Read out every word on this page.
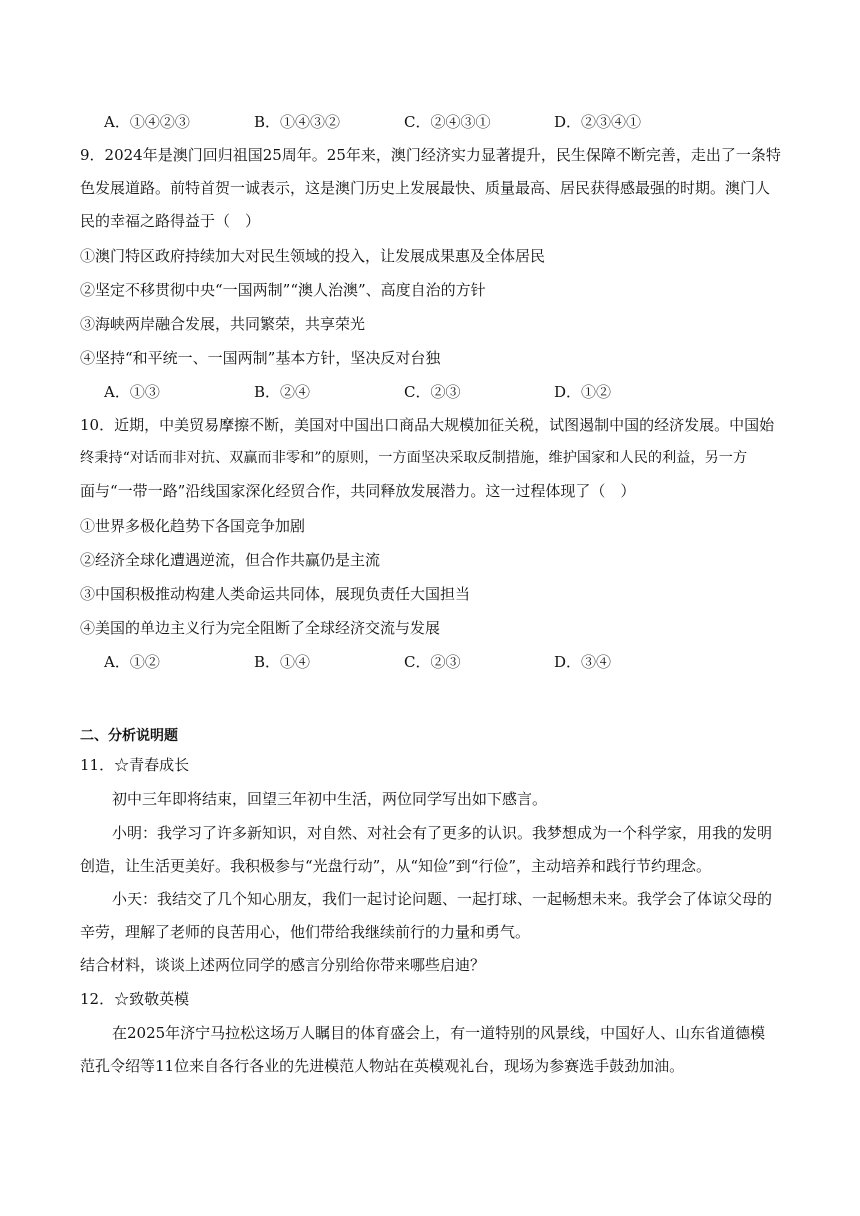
A．①④②③	B．①④③②	C．②④③①	D．②③④①
9．2024年是澳门回归祖国25周年。25年来，澳门经济实力显著提升，民生保障不断完善，走出了一条特
色发展道路。前特首贺一诚表示，这是澳门历史上发展最快、质量最高、居民获得感最强的时期。澳门人
民的幸福之路得益于（　）
①澳门特区政府持续加大对民生领域的投入，让发展成果惠及全体居民
②坚定不移贯彻中央“一国两制”“澳人治澳”、高度自治的方针
③海峡两岸融合发展，共同繁荣，共享荣光
④坚持“和平统一、一国两制”基本方针，坚决反对台独
A．①③	B．②④	C．②③	D．①②
10．近期，中美贸易摩擦不断，美国对中国出口商品大规模加征关税，试图遏制中国的经济发展。中国始
终秉持“对话而非对抗、双赢而非零和”的原则，一方面坚决采取反制措施，维护国家和人民的利益，另一方
面与“一带一路”沿线国家深化经贸合作，共同释放发展潜力。这一过程体现了（　）
①世界多极化趋势下各国竞争加剧
②经济全球化遭遇逆流，但合作共赢仍是主流
③中国积极推动构建人类命运共同体，展现负责任大国担当
④美国的单边主义行为完全阻断了全球经济交流与发展
A．①②	B．①④	C．②③	D．③④
二、分析说明题
11．☆青春成长
初中三年即将结束，回望三年初中生活，两位同学写出如下感言。
小明：我学习了许多新知识，对自然、对社会有了更多的认识。我梦想成为一个科学家，用我的发明
创造，让生活更美好。我积极参与“光盘行动”，从“知俭”到“行俭”，主动培养和践行节约理念。
小天：我结交了几个知心朋友，我们一起讨论问题、一起打球、一起畅想未来。我学会了体谅父母的
辛劳，理解了老师的良苦用心，他们带给我继续前行的力量和勇气。
结合材料，谈谈上述两位同学的感言分别给你带来哪些启迪？
12．☆致敬英模
在2025年济宁马拉松这场万人瞩目的体育盛会上，有一道特别的风景线，中国好人、山东省道德模
范孔令绍等11位来自各行各业的先进模范人物站在英模观礼台，现场为参赛选手鼓劲加油。
